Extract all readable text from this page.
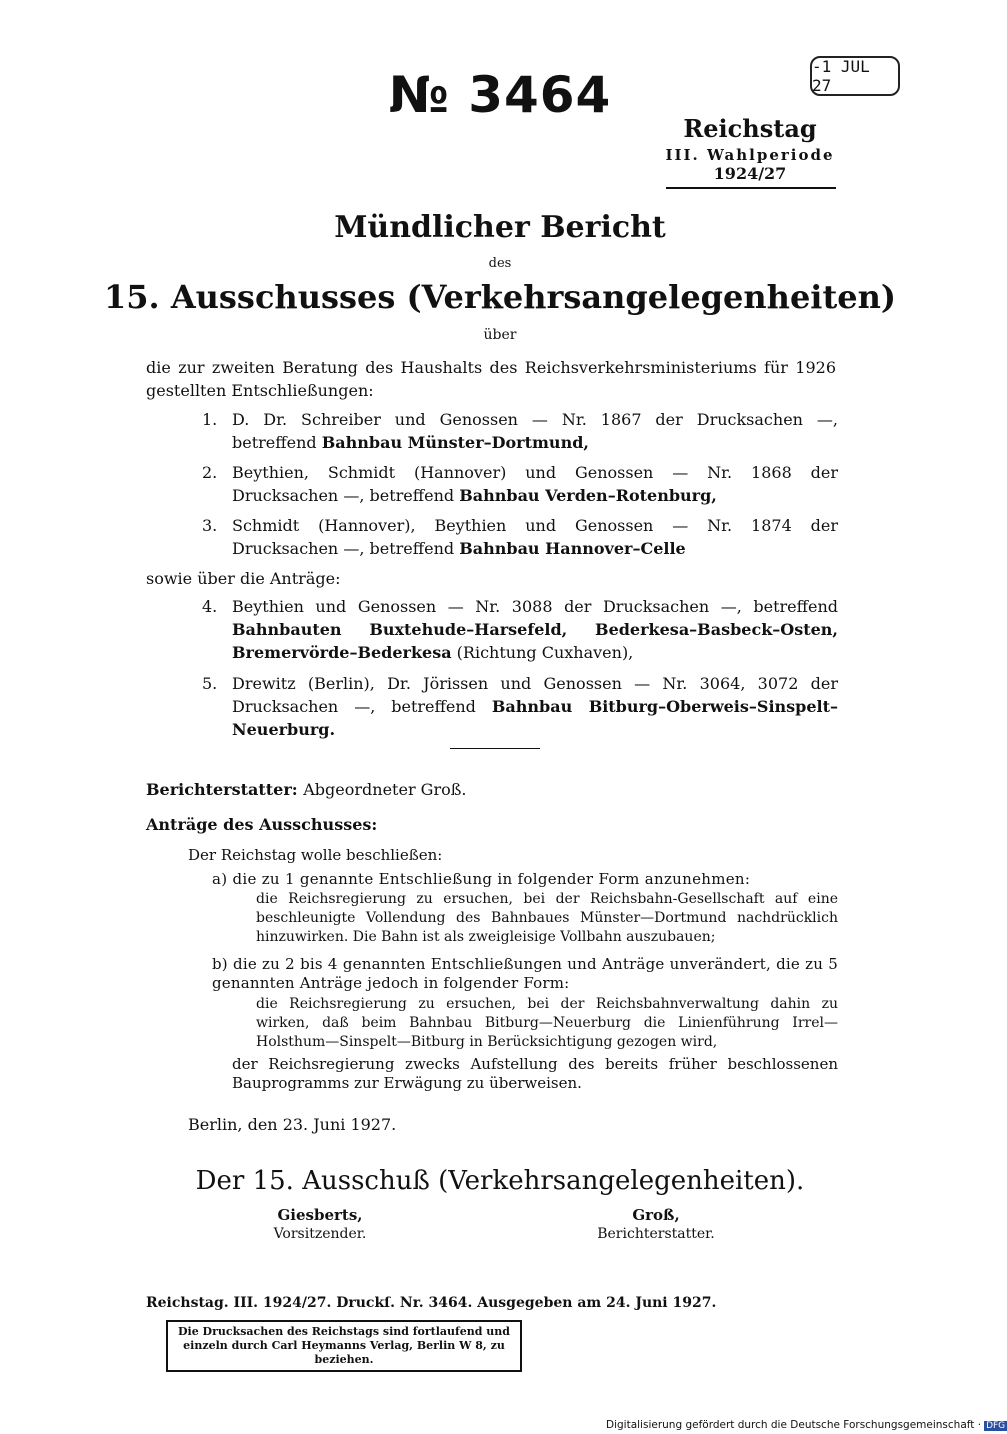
№ 3464	-1 JUL 27
Reichstag
III. Wahlperiode
1924/27
Mündlicher Bericht
des
15. Ausschusses (Verkehrsangelegenheiten)
über
die zur zweiten Beratung des Haushalts des Reichsverkehrsministeriums für 1926 gestellten Entschließungen:
1. D. Dr. Schreiber und Genossen — Nr. 1867 der Drucksachen —, betreffend Bahnbau Münster–Dortmund,
2. Beythien, Schmidt (Hannover) und Genossen — Nr. 1868 der Drucksachen —, betreffend Bahnbau Verden–Rotenburg,
3. Schmidt (Hannover), Beythien und Genossen — Nr. 1874 der Drucksachen —, betreffend Bahnbau Hannover–Celle
sowie über die Anträge:
4. Beythien und Genossen — Nr. 3088 der Drucksachen —, betreffend Bahnbauten Buxtehude–Harsefeld, Bederkesa–Basbeck–Osten, Bremervörde–Bederkesa (Richtung Cuxhaven),
5. Drewitz (Berlin), Dr. Jörissen und Genossen — Nr. 3064, 3072 der Drucksachen —, betreffend Bahnbau Bitburg–Oberweis–Sinspelt–Neuerburg.
Berichterstatter: Abgeordneter Groß.
Anträge des Ausschusses:
Der Reichstag wolle beschließen:
a) die zu 1 genannte Entschließung in folgender Form anzunehmen:
die Reichsregierung zu ersuchen, bei der Reichsbahn-Gesellschaft auf eine beschleunigte Vollendung des Bahnbaues Münster—Dortmund nachdrücklich hinzuwirken. Die Bahn ist als zweigleisige Vollbahn auszubauen;
b) die zu 2 bis 4 genannten Entschließungen und Anträge unverändert, die zu 5 genannten Anträge jedoch in folgender Form:
die Reichsregierung zu ersuchen, bei der Reichsbahnverwaltung dahin zu wirken, daß beim Bahnbau Bitburg—Neuerburg die Linienführung Irrel—Holsthum—Sinspelt—Bitburg in Berücksichtigung gezogen wird,
der Reichsregierung zwecks Aufstellung des bereits früher beschlossenen Bauprogramms zur Erwägung zu überweisen.
Berlin, den 23. Juni 1927.
Der 15. Ausschuß (Verkehrsangelegenheiten).
Giesberts,
Vorsitzender.
Groß,
Berichterstatter.
Reichstag. III. 1924/27. Druckſ. Nr. 3464. Ausgegeben am 24. Juni 1927.
Die Drucksachen des Reichstags sind fortlaufend und einzeln durch Carl Heymanns Verlag, Berlin W 8, zu beziehen.
Digitalisierung gefördert durch die Deutsche Forschungsgemeinschaft · DFG
